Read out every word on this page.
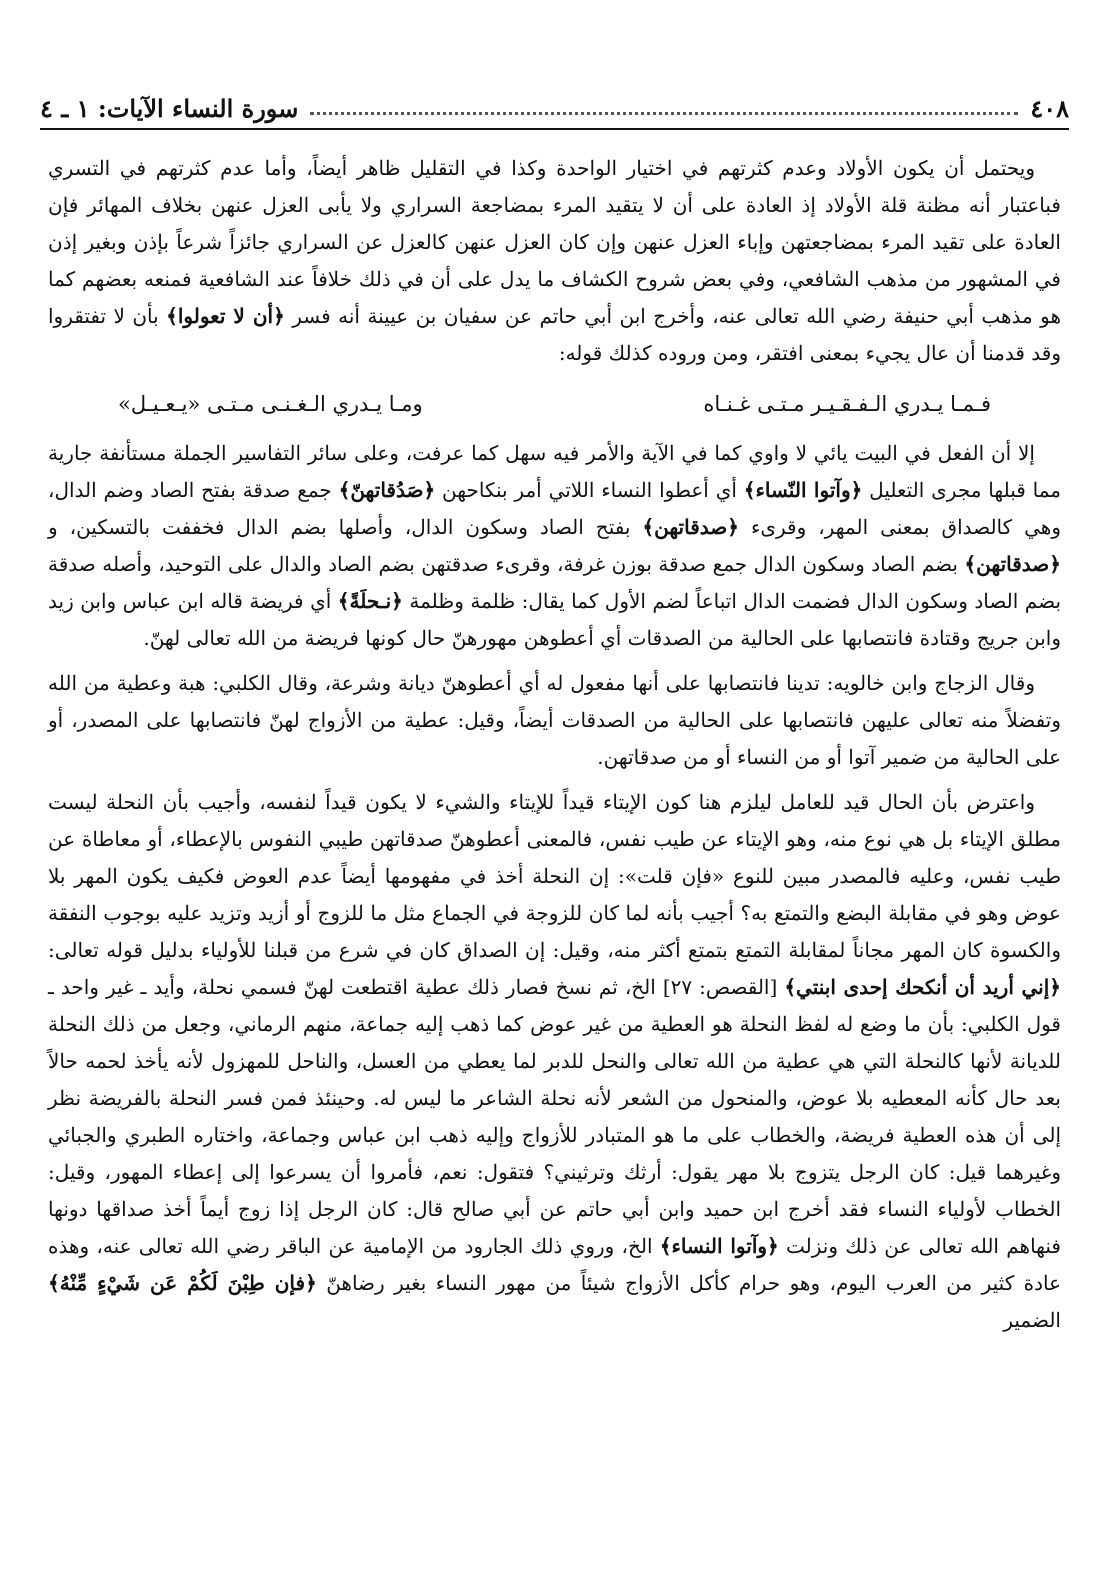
٤٠٨
سورة النساء الآيات: ١ ـ ٤

ويحتمل أن يكون الأولاد وعدم كثرتهم في اختيار الواحدة وكذا في التقليل ظاهر أيضاً، وأما عدم كثرتهم في التسري فباعتبار أنه مظنة قلة الأولاد إذ العادة على أن لا يتقيد المرء بمضاجعة السراري ولا يأبى العزل عنهن بخلاف المهائر فإن العادة على تقيد المرء بمضاجعتهن وإباء العزل عنهن وإن كان العزل عنهن كالعزل عن السراري جائزاً شرعاً بإذن وبغير إذن في المشهور من مذهب الشافعي، وفي بعض شروح الكشاف ما يدل على أن في ذلك خلافاً عند الشافعية فمنعه بعضهم كما هو مذهب أبي حنيفة رضي الله تعالى عنه، وأخرج ابن أبي حاتم عن سفيان بن عيينة أنه فسر ﴿أن لا تعولوا﴾ بأن لا تفتقروا وقد قدمنا أن عال يجيء بمعنى افتقر، ومن وروده كذلك قوله:

فـمـا يـدري الـفـقـيـر مـتـى غـنـاه
ومـا يـدري الـغـنـى مـتـى «يـعـيـل»

إلا أن الفعل في البيت يائي لا واوي كما في الآية والأمر فيه سهل كما عرفت، وعلى سائر التفاسير الجملة مستأنفة جارية مما قبلها مجرى التعليل ﴿وآتوا النّساء﴾ أي أعطوا النساء اللاتي أمر بنكاحهن ﴿صَدُقاتهنّ﴾ جمع صدقة بفتح الصاد وضم الدال، وهي كالصداق بمعنى المهر، وقرىء ﴿صدقاتهن﴾ بفتح الصاد وسكون الدال، وأصلها بضم الدال فخففت بالتسكين، و ﴿صدقاتهن﴾ بضم الصاد وسكون الدال جمع صدقة بوزن غرفة، وقرىء صدقتهن بضم الصاد والدال على التوحيد، وأصله صدقة بضم الصاد وسكون الدال فضمت الدال اتباعاً لضم الأول كما يقال: ظلمة وظلمة ﴿نـحلَةً﴾ أي فريضة قاله ابن عباس وابن زيد وابن جريج وقتادة فانتصابها على الحالية من الصدقات أي أعطوهن مهورهنّ حال كونها فريضة من الله تعالى لهنّ.

وقال الزجاج وابن خالويه: تدينا فانتصابها على أنها مفعول له أي أعطوهنّ ديانة وشرعة، وقال الكلبي: هبة وعطية من الله وتفضلاً منه تعالى عليهن فانتصابها على الحالية من الصدقات أيضاً، وقيل: عطية من الأزواج لهنّ فانتصابها على المصدر، أو على الحالية من ضمير آتوا أو من النساء أو من صدقاتهن.

واعترض بأن الحال قيد للعامل ليلزم هنا كون الإيتاء قيداً للإيتاء والشيء لا يكون قيداً لنفسه، وأجيب بأن النحلة ليست مطلق الإيتاء بل هي نوع منه، وهو الإيتاء عن طيب نفس، فالمعنى أعطوهنّ صدقاتهن طيبي النفوس بالإعطاء، أو معاطاة عن طيب نفس، وعليه فالمصدر مبين للنوع «فإن قلت»: إن النحلة أخذ في مفهومها أيضاً عدم العوض فكيف يكون المهر بلا عوض وهو في مقابلة البضع والتمتع به؟ أجيب بأنه لما كان للزوجة في الجماع مثل ما للزوج أو أزيد وتزيد عليه بوجوب النفقة والكسوة كان المهر مجاناً لمقابلة التمتع بتمتع أكثر منه، وقيل: إن الصداق كان في شرع من قبلنا للأولياء بدليل قوله تعالى: ﴿إني أريد أن أنكحك إحدى ابنتي﴾ [القصص: ٢٧] الخ، ثم نسخ فصار ذلك عطية اقتطعت لهنّ فسمي نحلة، وأيد ـ غير واحد ـ قول الكلبي: بأن ما وضع له لفظ النحلة هو العطية من غير عوض كما ذهب إليه جماعة، منهم الرماني، وجعل من ذلك النحلة للديانة لأنها كالنحلة التي هي عطية من الله تعالى والنحل للدبر لما يعطي من العسل، والناحل للمهزول لأنه يأخذ لحمه حالاً بعد حال كأنه المعطيه بلا عوض، والمنحول من الشعر لأنه نحلة الشاعر ما ليس له. وحينئذ فمن فسر النحلة بالفريضة نظر إلى أن هذه العطية فريضة، والخطاب على ما هو المتبادر للأزواج وإليه ذهب ابن عباس وجماعة، واختاره الطبري والجبائي وغيرهما قيل: كان الرجل يتزوج بلا مهر يقول: أرثك وترثيني؟ فتقول: نعم، فأمروا أن يسرعوا إلى إعطاء المهور، وقيل: الخطاب لأولياء النساء فقد أخرج ابن حميد وابن أبي حاتم عن أبي صالح قال: كان الرجل إذا زوج أيماً أخذ صداقها دونها فنهاهم الله تعالى عن ذلك ونزلت ﴿وآتوا النساء﴾ الخ، وروي ذلك الجارود من الإمامية عن الباقر رضي الله تعالى عنه، وهذه عادة كثير من العرب اليوم، وهو حرام كأكل الأزواج شيئاً من مهور النساء بغير رضاهنّ ﴿فإن طِبْنَ لَكُمْ عَن شَيْءٍ مِّنْهُ﴾ الضمير
